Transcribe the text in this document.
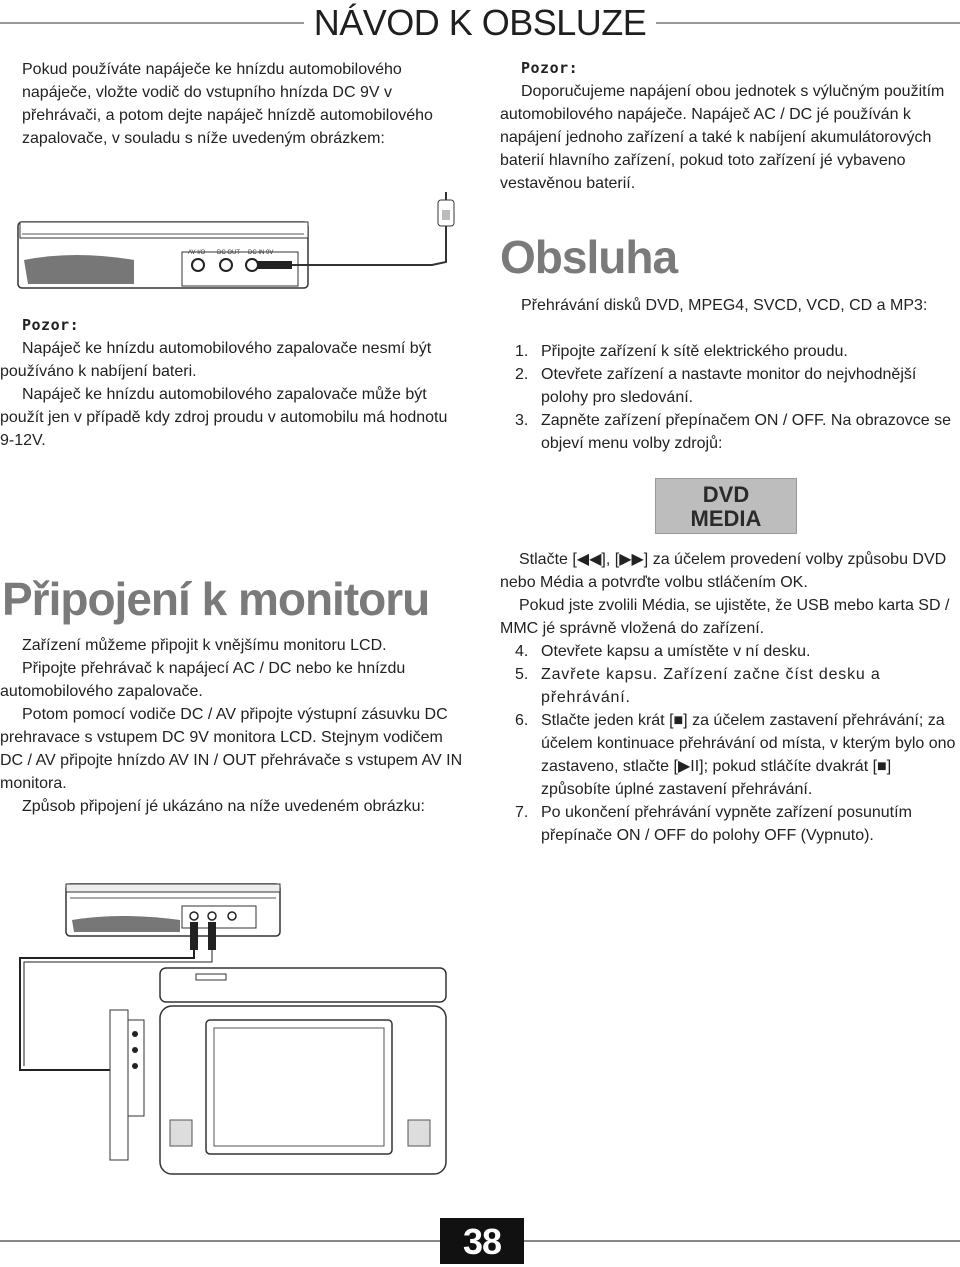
NÁVOD K OBSLUZE
Pokud používáte napáječe ke hnízdu automobilového napáječe, vložte vodič do vstupního hnízda DC 9V v přehrávači, a potom dejte napáječ hnízdě automobilového zapalovače, v souladu s níže uvedeným obrázkem:
AV I/O DC OUT DC IN 9V
Pozor:
Napáječ ke hnízdu automobilového zapalovače nesmí být používáno k nabíjení bateri.
Napáječ ke hnízdu automobilového zapalovače může být použít jen v případě kdy zdroj proudu v automobilu má hodnotu 9-12V.
Připojení k monitoru
Zařízení můžeme připojit k vnějšímu monitoru LCD.
Připojte přehrávač k napájecí AC / DC nebo ke hnízdu automobilového zapalovače.
Potom pomocí vodiče DC / AV připojte výstupní zásuvku DC prehravace s vstupem DC 9V monitora LCD. Stejnym vodičem DC / AV připojte hnízdo AV IN / OUT přehrávače s vstupem AV IN monitora.
Způsob připojení jé ukázáno na níže uvedeném obrázku:
Pozor:
Doporučujeme napájení obou jednotek s výlučným použitím automobilového napáječe. Napáječ AC / DC jé používán k napájení jednoho zařízení a také k nabíjení akumulátorových baterií hlavního zařízení, pokud toto zařízení jé vybaveno vestavěnou baterií.
Obsluha
Přehrávání disků DVD, MPEG4, SVCD, VCD, CD a MP3:
1. Připojte zařízení k sítě elektrického proudu.
2. Otevřete zařízení a nastavte monitor do nejvhodnější polohy pro sledování.
3. Zapněte zařízení přepínačem ON / OFF. Na obrazovce se objeví menu volby zdrojů:
DVD
MEDIA
Stlačte [◀◀], [▶▶] za účelem provedení volby způsobu DVD nebo Média a potvrďte volbu stláčením OK.
Pokud jste zvolili Média, se ujistěte, že USB mebo karta SD / MMC jé správně vložená do zařízení.
4. Otevřete kapsu a umístěte v ní desku.
5. Zavřete kapsu. Zařízení začne číst desku a přehrávání.
6. Stlačte jeden krát [■] za účelem zastavení přehrávání; za účelem kontinuace přehrávání od místa, v kterým bylo ono zastaveno, stlačte [▶II]; pokud stláčíte dvakrát [■] způsobíte úplné zastavení přehrávání.
7. Po ukončení přehrávání vypněte zařízení posunutím přepínače ON / OFF do polohy OFF (Vypnuto).
38
